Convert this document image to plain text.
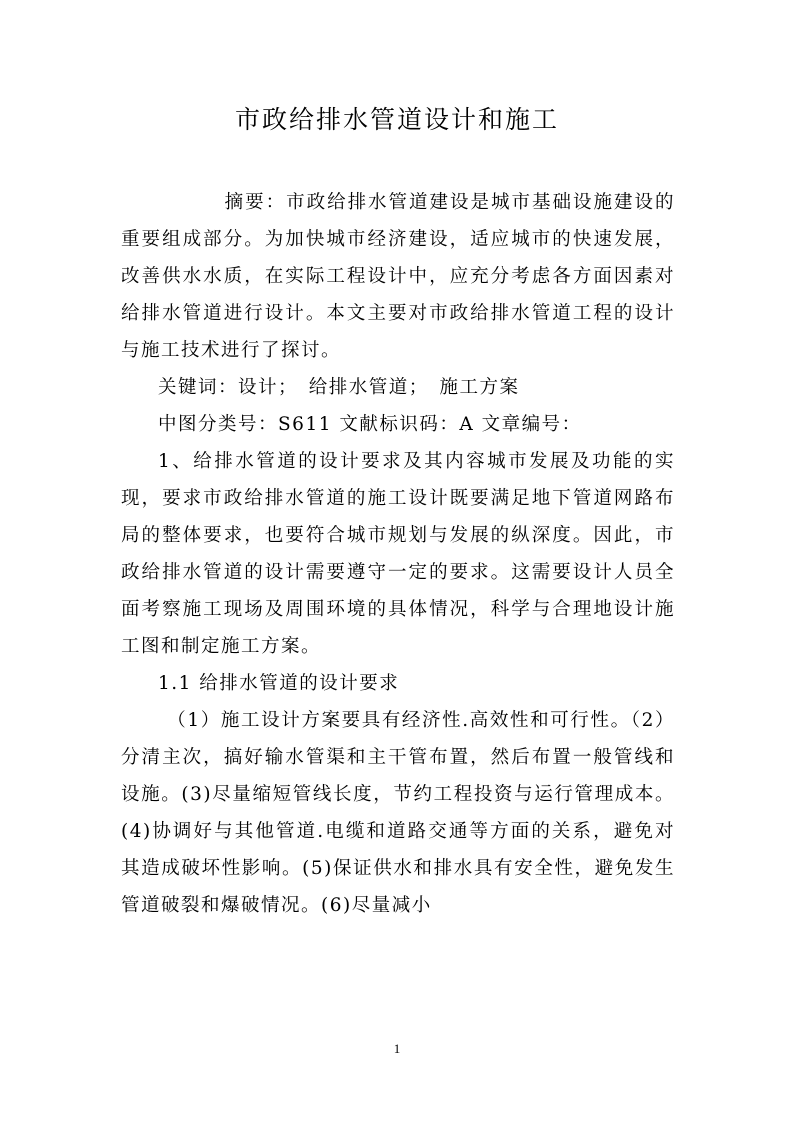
市政给排水管道设计和施工

摘要：市政给排水管道建设是城市基础设施建设的重要组成部分。为加快城市经济建设，适应城市的快速发展，改善供水水质，在实际工程设计中，应充分考虑各方面因素对给排水管道进行设计。本文主要对市政给排水管道工程的设计与施工技术进行了探讨。

关键词：设计；　给排水管道；　施工方案

中图分类号：S611 文献标识码：A 文章编号：

1、给排水管道的设计要求及其内容城市发展及功能的实现，要求市政给排水管道的施工设计既要满足地下管道网路布局的整体要求，也要符合城市规划与发展的纵深度。因此，市政给排水管道的设计需要遵守一定的要求。这需要设计人员全面考察施工现场及周围环境的具体情况，科学与合理地设计施工图和制定施工方案。

1.1 给排水管道的设计要求

（1）施工设计方案要具有经济性.高效性和可行性。（2）分清主次，搞好输水管渠和主干管布置，然后布置一般管线和设施。(3)尽量缩短管线长度，节约工程投资与运行管理成本。(4)协调好与其他管道.电缆和道路交通等方面的关系，避免对其造成破坏性影响。(5)保证供水和排水具有安全性，避免发生管道破裂和爆破情况。(6)尽量减小

1
